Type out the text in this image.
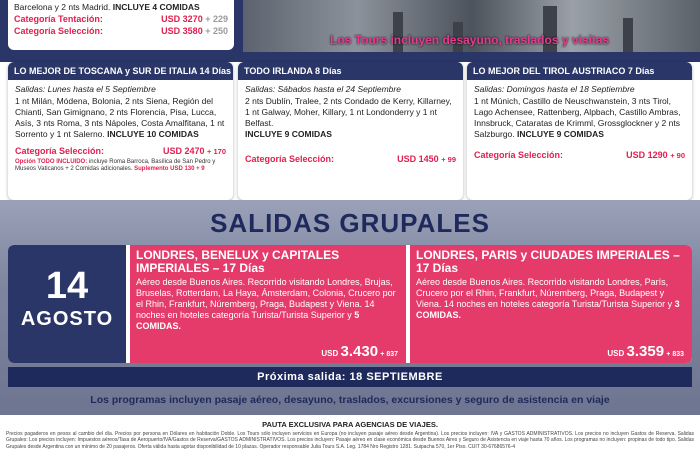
Los Tours incluyen desayuno, traslados y visitas
Barcelona y 2 nts Madrid. INCLUYE 4 COMIDAS
Categoría Tentación:	USD 3270 + 229
Categoría Selección:	USD 3580 + 250
LO MEJOR DE TOSCANA y SUR DE ITALIA 14 Días
Salidas: Lunes hasta el 5 Septiembre
1 nt Milán, Módena, Bolonia, 2 nts Siena, Región del Chianti, San Gimignano, 2 nts Florencia, Pisa, Lucca, Asís, 3 nts Roma, 3 nts Nápoles, Costa Amalfitana, 1 nt Sorrento y 1 nt Salerno. INCLUYE 10 COMIDAS
Categoría Selección:	USD 2470 + 170
Opción TODO INCLUIDO: incluye Roma Barroca, Basílica de San Pedro y Museos Vaticanos + 2 Comidas adicionales. Suplemento USD 130 + 9
TODO IRLANDA 8 Días
Salidas: Sábados hasta el 24 Septiembre
2 nts Dublín, Tralee, 2 nts Condado de Kerry, Killarney, 1 nt Galway, Moher, Killary, 1 nt Londonderry y 1 nt Belfast.
INCLUYE 9 COMIDAS
Categoría Selección:	USD 1450 + 99
LO MEJOR DEL TIROL AUSTRIACO 7 Días
Salidas: Domingos hasta el 18 Septiembre
1 nt Múnich, Castillo de Neuschwanstein, 3 nts Tirol, Lago Achensee, Rattenberg, Alpbach, Castillo Ambras, Innsbruck, Cataratas de Krimml, Grossglockner y 2 nts Salzburgo. INCLUYE 9 COMIDAS
Categoría Selección:	USD 1290 + 90
SALIDAS GRUPALES
14
AGOSTO
LONDRES, BENELUX y CAPITALES IMPERIALES – 17 Días
Aéreo desde Buenos Aires. Recorrido visitando Londres, Brujas, Bruselas, Rotterdam, La Haya, Ámsterdam, Colonia, Crucero por el Rhin, Frankfurt, Núremberg, Praga, Budapest y Viena. 14 noches en hoteles categoría Turista/Turista Superior y 5 COMIDAS.
USD 3.430 + 837
LONDRES, PARIS y CIUDADES IMPERIALES – 17 Días
Aéreo desde Buenos Aires. Recorrido visitando Londres, París, Crucero por el Rhin, Frankfurt, Núremberg, Praga, Budapest y Viena. 14 noches en hoteles categoría Turista/Turista Superior y 3 COMIDAS.
USD 3.359 + 833
Próxima salida: 18 SEPTIEMBRE
Los programas incluyen pasaje aéreo, desayuno, traslados, excursiones y seguro de asistencia en viaje
PAUTA EXCLUSIVA PARA AGENCIAS DE VIAJES.
Precios pagaderos en pesos al cambio del día. Precios por persona en Dólares en habitación Doble. Los Tours sólo incluyen servicios en Europa (no incluyen pasaje aéreo desde Argentina). Los precios incluyen: IVA y GASTOS ADMINISTRATIVOS. Los precios no incluyen Gastos de Reserva. Salidas Grupales: Los precios incluyen: Impuestos aéreos/Tasa de Aeropuerto/IVA/Gastos de Reserva/GASTOS ADMINISTRATIVOS. Los precios incluyen: Pasaje aéreo en clase económica desde Buenos Aires y Seguro de Asistencia en viaje hasta 70 años. Los programas no incluyen: propinas de todo tipo. Salidas Grupales desde Argentina con un mínimo de 20 pasajeros. Oferta válida hasta agotar disponibilidad de 10 plazas. Operador responsable Julia Tours S.A. Leg. 1784 Nro Registro 1281. Suipacha 570, 1er Piso. CUIT 30-67686576-4
